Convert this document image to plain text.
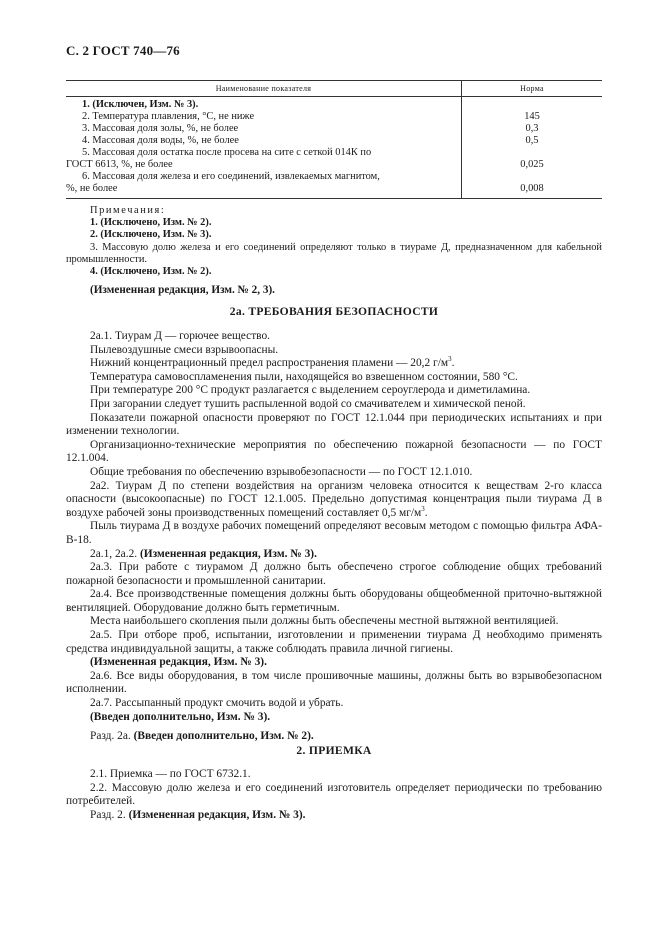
С. 2 ГОСТ 740—76
Наименование показателя	Норма
1. (Исключен, Изм. № 3).
2. Температура плавления, °С, не ниже
3. Массовая доля золы, %, не более
4. Массовая доля воды, %, не более
5. Массовая доля остатка после просева на сите с сеткой 014К по
ГОСТ 6613, %, не более
6. Массовая доля железа и его соединений, извлекаемых магнитом,
%, не более

145
0,3
0,5

0,025

0,008
Примечания:
1. (Исключено, Изм. № 2).
2. (Исключено, Изм. № 3).
3. Массовую долю железа и его соединений определяют только в тиураме Д, предназначенном для кабельной промышленности.
4. (Исключено, Изм. № 2).
(Измененная редакция, Изм. № 2, 3).
2а. ТРЕБОВАНИЯ БЕЗОПАСНОСТИ
2а.1. Тиурам Д — горючее вещество.
Пылевоздушные смеси взрывоопасны.
Нижний концентрационный предел распространения пламени — 20,2 $г/м^3$.
Температура самовоспламенения пыли, находящейся во взвешенном состоянии, 580 °С.
При температуре 200 °С продукт разлагается с выделением сероуглерода и диметиламина.
При загорании следует тушить распыленной водой со смачивателем и химической пеной.
Показатели пожарной опасности проверяют по ГОСТ 12.1.044 при периодических испытаниях и при изменении технологии.
Организационно-технические мероприятия по обеспечению пожарной безопасности — по ГОСТ 12.1.004.
Общие требования по обеспечению взрывобезопасности — по ГОСТ 12.1.010.
2а2. Тиурам Д по степени воздействия на организм человека относится к веществам 2-го класса опасности (высокоопасные) по ГОСТ 12.1.005. Предельно допустимая концентрация пыли тиурама Д в воздухе рабочей зоны производственных помещений составляет 0,5 $мг/м^3$.
Пыль тиурама Д в воздухе рабочих помещений определяют весовым методом с помощью фильтра АФА-В-18.
2а.1, 2а.2. (Измененная редакция, Изм. № 3).
2а.3. При работе с тиурамом Д должно быть обеспечено строгое соблюдение общих требований пожарной безопасности и промышленной санитарии.
2а.4. Все производственные помещения должны быть оборудованы общеобменной приточно-вытяжной вентиляцией. Оборудование должно быть герметичным.
Места наибольшего скопления пыли должны быть обеспечены местной вытяжной вентиляцией.
2а.5. При отборе проб, испытании, изготовлении и применении тиурама Д необходимо применять средства индивидуальной защиты, а также соблюдать правила личной гигиены.
(Измененная редакция, Изм. № 3).
2а.6. Все виды оборудования, в том числе прошивочные машины, должны быть во взрывобезопасном исполнении.
2а.7. Рассыпанный продукт смочить водой и убрать.
(Введен дополнительно, Изм. № 3).
Разд. 2а. (Введен дополнительно, Изм. № 2).
2. ПРИЕМКА
2.1. Приемка — по ГОСТ 6732.1.
2.2. Массовую долю железа и его соединений изготовитель определяет периодически по требованию потребителей.
Разд. 2. (Измененная редакция, Изм. № 3).
